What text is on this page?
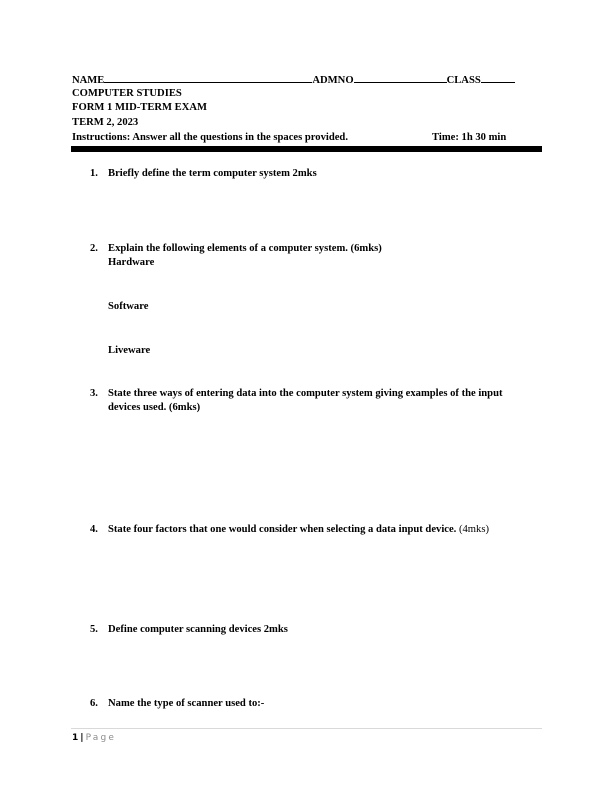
NAME	ADMNO	CLASS
COMPUTER STUDIES
FORM 1 MID-TERM EXAM
TERM 2, 2023
Instructions: Answer all the questions in the spaces provided.	Time: 1h 30 min
1. Briefly define the term computer system 2mks
2. Explain the following elements of a computer system. (6mks)
Hardware
Software
Liveware
3. State three ways of entering data into the computer system giving examples of the input devices used. (6mks)
4. State four factors that one would consider when selecting a data input device. (4mks)
5. Define computer scanning devices 2mks
6. Name the type of scanner used to:-
1 | Page
